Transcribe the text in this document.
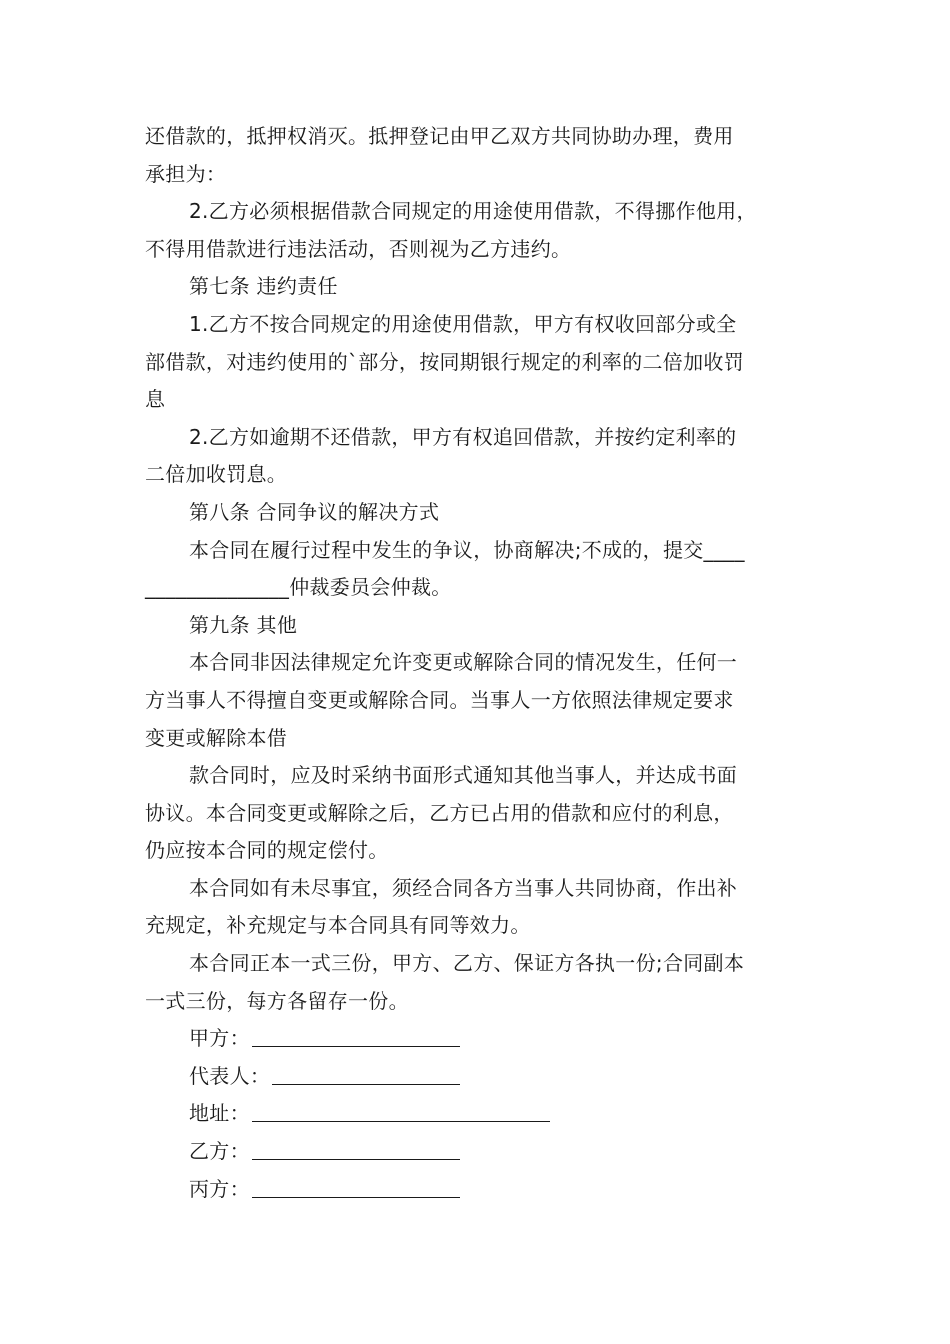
还借款的，抵押权消灭。抵押登记由甲乙双方共同协助办理，费用

承担为：

2.乙方必须根据借款合同规定的用途使用借款，不得挪作他用，

不得用借款进行违法活动，否则视为乙方违约。

第七条 违约责任

1.乙方不按合同规定的用途使用借款，甲方有权收回部分或全

部借款，对违约使用的`部分，按同期银行规定的利率的二倍加收罚

息

2.乙方如逾期不还借款，甲方有权追回借款，并按约定利率的

二倍加收罚息。

第八条 合同争议的解决方式

本合同在履行过程中发生的争议，协商解决;不成的，提交____

______________仲裁委员会仲裁。

第九条 其他

本合同非因法律规定允许变更或解除合同的情况发生，任何一

方当事人不得擅自变更或解除合同。当事人一方依照法律规定要求

变更或解除本借

款合同时，应及时采纳书面形式通知其他当事人，并达成书面

协议。本合同变更或解除之后，乙方已占用的借款和应付的利息，

仍应按本合同的规定偿付。

本合同如有未尽事宜，须经合同各方当事人共同协商，作出补

充规定，补充规定与本合同具有同等效力。

本合同正本一式三份，甲方、乙方、保证方各执一份;合同副本

一式三份，每方各留存一份。

甲方：

代表人：

地址：

乙方：

丙方：
